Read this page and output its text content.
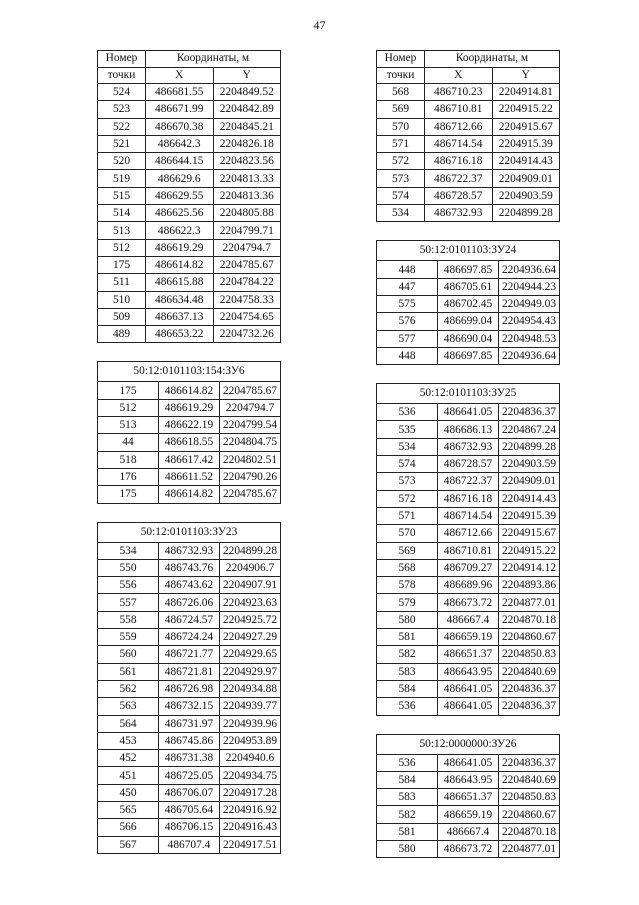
47
Номер	Координаты, м	
точки	X	Y
524	486681.55	2204849.52
523	486671.99	2204842.89
522	486670.38	2204845.21
521	486642.3	2204826.18
520	486644.15	2204823.56
519	486629.6	2204813.33
515	486629.55	2204813.36
514	486625.56	2204805.88
513	486622.3	2204799.71
512	486619.29	2204794.7
175	486614.82	2204785.67
511	486615.88	2204784.22
510	486634.48	2204758.33
509	486637.13	2204754.65
489	486653.22	2204732.26
50:12:0101103:154:ЗУ6		
175	486614.82	2204785.67
512	486619.29	2204794.7
513	486622.19	2204799.54
44	486618.55	2204804.75
518	486617.42	2204802.51
176	486611.52	2204790.26
175	486614.82	2204785.67
50:12:0101103:ЗУ23		
534	486732.93	2204899.28
550	486743.76	2204906.7
556	486743.62	2204907.91
557	486726.06	2204923.63
558	486724.57	2204925.72
559	486724.24	2204927.29
560	486721.77	2204929.65
561	486721.81	2204929.97
562	486726.98	2204934.88
563	486732.15	2204939.77
564	486731.97	2204939.96
453	486745.86	2204953.89
452	486731.38	2204940.6
451	486725.05	2204934.75
450	486706.07	2204917.28
565	486705.64	2204916.92
566	486706.15	2204916.43
567	486707.4	2204917.51
Номер	Координаты, м	
точки	X	Y
568	486710.23	2204914.81
569	486710.81	2204915.22
570	486712.66	2204915.67
571	486714.54	2204915.39
572	486716.18	2204914.43
573	486722.37	2204909.01
574	486728.57	2204903.59
534	486732.93	2204899.28
50:12:0101103:ЗУ24		
448	486697.85	2204936.64
447	486705.61	2204944.23
575	486702.45	2204949.03
576	486699.04	2204954.43
577	486690.04	2204948.53
448	486697.85	2204936.64
50:12:0101103:ЗУ25		
536	486641.05	2204836.37
535	486686.13	2204867.24
534	486732.93	2204899.28
574	486728.57	2204903.59
573	486722.37	2204909.01
572	486716.18	2204914.43
571	486714.54	2204915.39
570	486712.66	2204915.67
569	486710.81	2204915.22
568	486709.27	2204914.12
578	486689.96	2204893.86
579	486673.72	2204877.01
580	486667.4	2204870.18
581	486659.19	2204860.67
582	486651.37	2204850.83
583	486643.95	2204840.69
584	486641.05	2204836.37
536	486641.05	2204836.37
50:12:0000000:ЗУ26		
536	486641.05	2204836.37
584	486643.95	2204840.69
583	486651.37	2204850.83
582	486659.19	2204860.67
581	486667.4	2204870.18
580	486673.72	2204877.01
